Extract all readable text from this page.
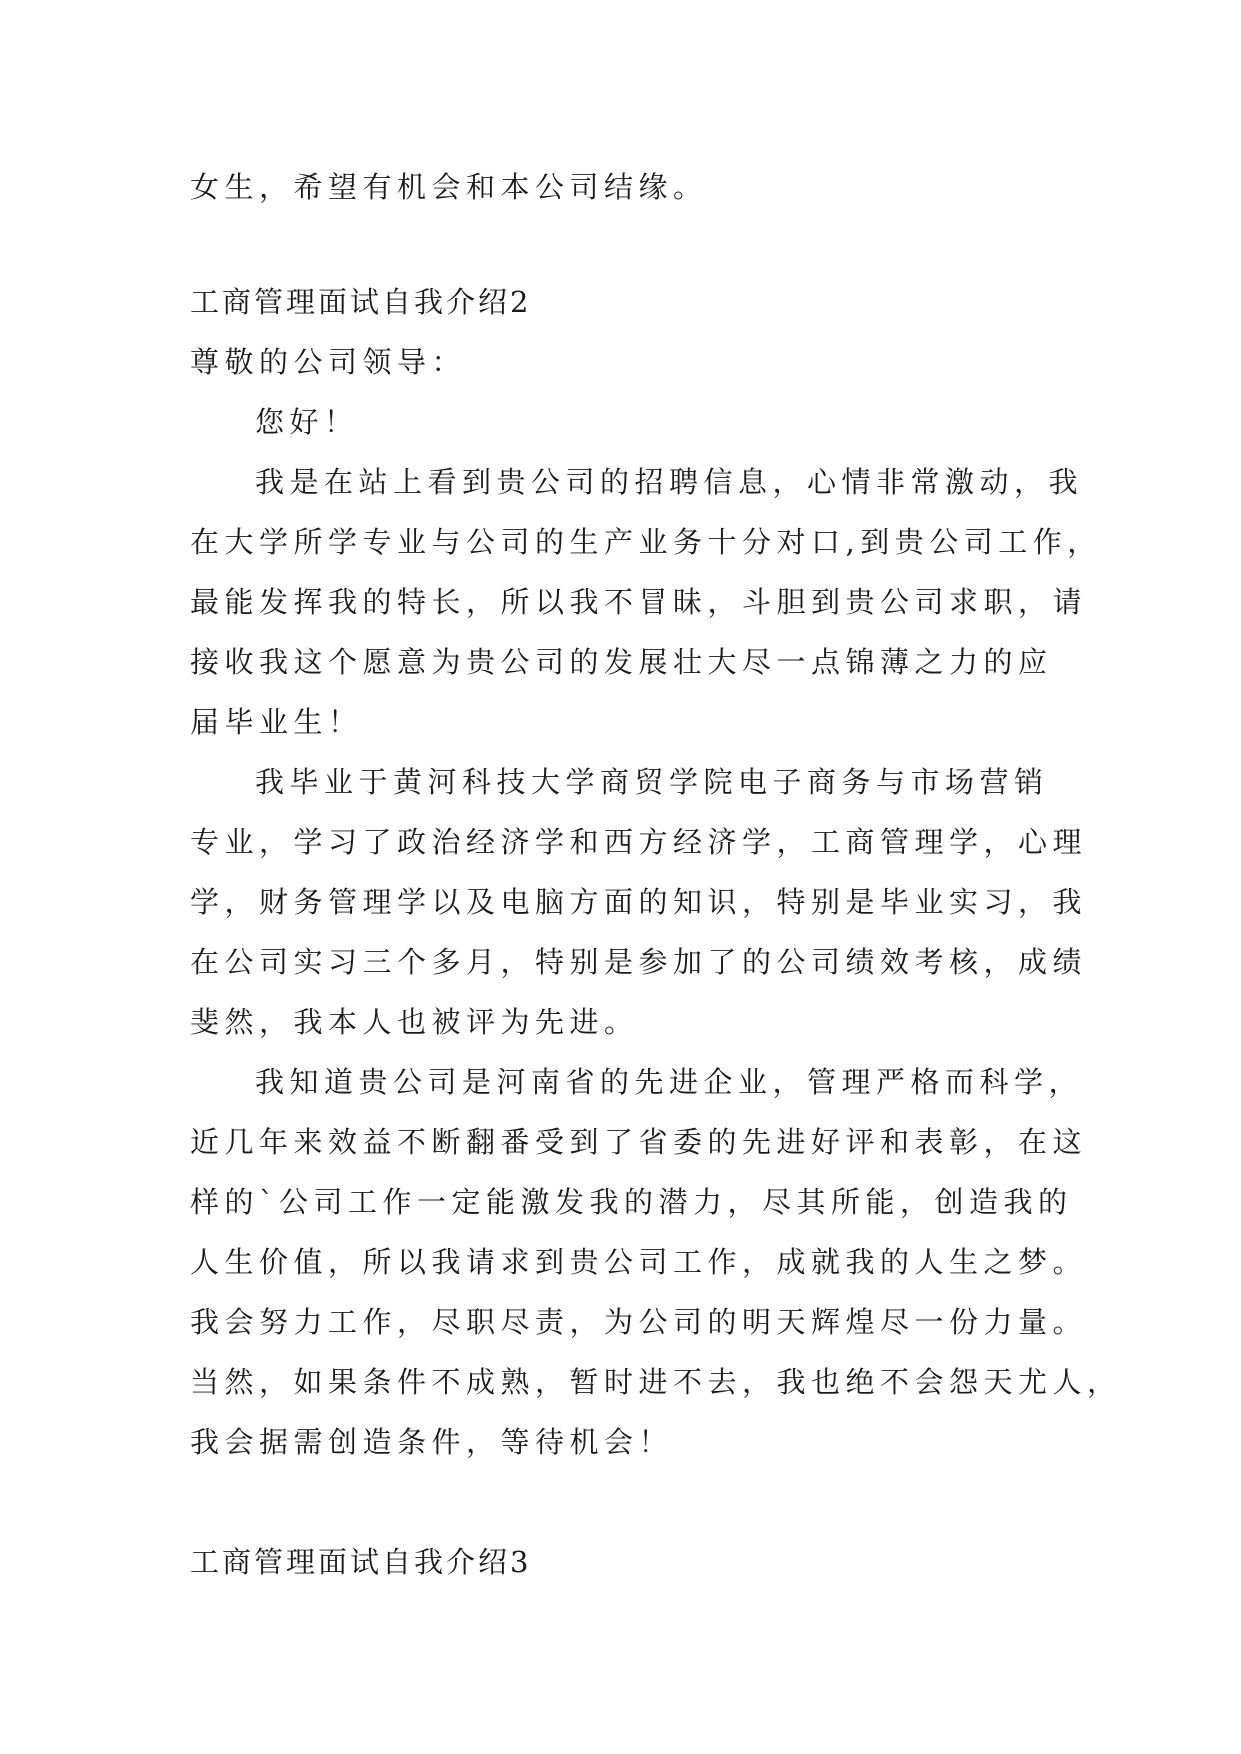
女生，希望有机会和本公司结缘。
工商管理面试自我介绍2
尊敬的公司领导：
您好！
我是在站上看到贵公司的招聘信息，心情非常激动，我
在大学所学专业与公司的生产业务十分对口,到贵公司工作，
最能发挥我的特长，所以我不冒昧，斗胆到贵公司求职，请
接收我这个愿意为贵公司的发展壮大尽一点锦薄之力的应
届毕业生！
我毕业于黄河科技大学商贸学院电子商务与市场营销
专业，学习了政治经济学和西方经济学，工商管理学，心理
学，财务管理学以及电脑方面的知识，特别是毕业实习，我
在公司实习三个多月，特别是参加了的公司绩效考核，成绩
斐然，我本人也被评为先进。
我知道贵公司是河南省的先进企业，管理严格而科学，
近几年来效益不断翻番受到了省委的先进好评和表彰，在这
样的`公司工作一定能激发我的潜力，尽其所能，创造我的
人生价值，所以我请求到贵公司工作，成就我的人生之梦。
我会努力工作，尽职尽责，为公司的明天辉煌尽一份力量。
当然，如果条件不成熟，暂时进不去，我也绝不会怨天尤人，
我会据需创造条件，等待机会！
工商管理面试自我介绍3
